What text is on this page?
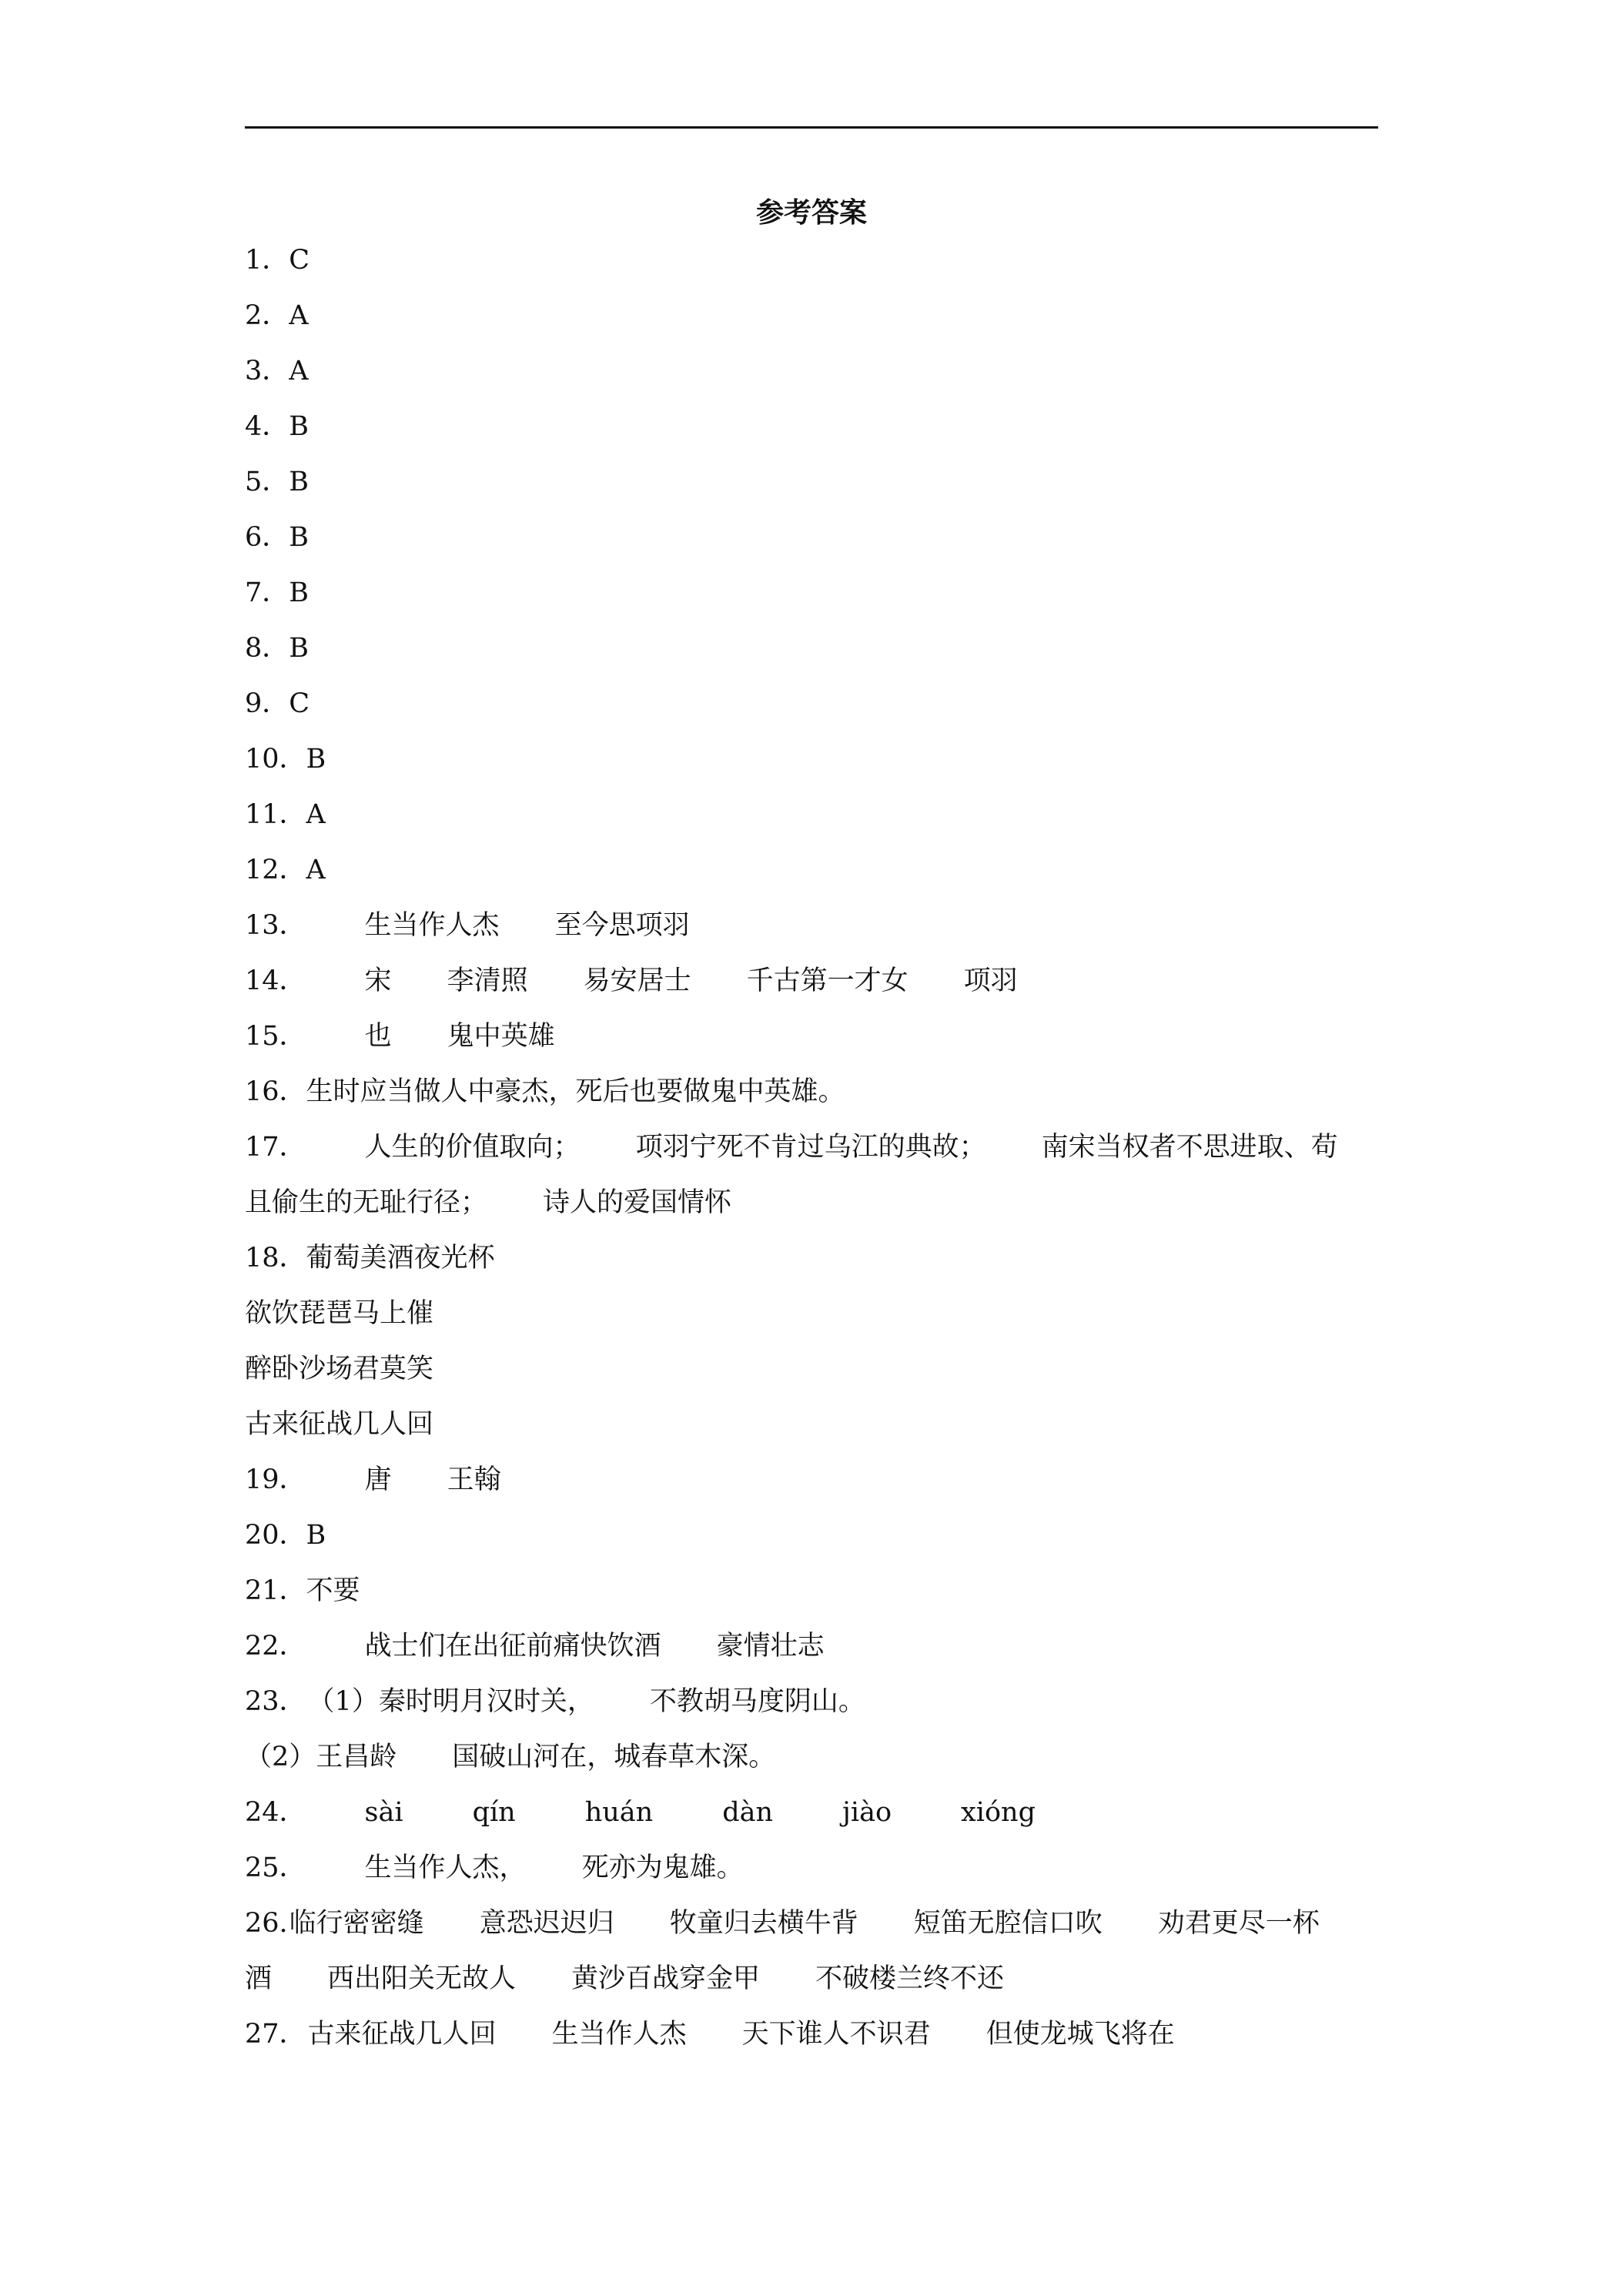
参考答案
1．C
2．A
3．A
4．B
5．B
6．B
7．B
8．B
9．C
10．B
11．A
12．A
13． 生当作人杰 至今思项羽
14． 宋 李清照 易安居士 千古第一才女 项羽
15． 也 鬼中英雄
16．生时应当做人中豪杰，死后也要做鬼中英雄。
17． 人生的价值取向； 项羽宁死不肯过乌江的典故； 南宋当权者不思进取、苟
且偷生的无耻行径； 诗人的爱国情怀
18．葡萄美酒夜光杯
欲饮琵琶马上催
醉卧沙场君莫笑
古来征战几人回
19． 唐 王翰
20．B
21．不要
22． 战士们在出征前痛快饮酒 豪情壮志
23．（1）秦时明月汉时关， 不教胡马度阴山。
（2）王昌龄 国破山河在，城春草木深。
24． sài	qín	huán	dàn	jiào	xióng
25． 生当作人杰， 死亦为鬼雄。
26.临行密密缝 意恐迟迟归 牧童归去横牛背 短笛无腔信口吹 劝君更尽一杯
酒 西出阳关无故人 黄沙百战穿金甲 不破楼兰终不还
27．古来征战几人回 生当作人杰 天下谁人不识君 但使龙城飞将在
